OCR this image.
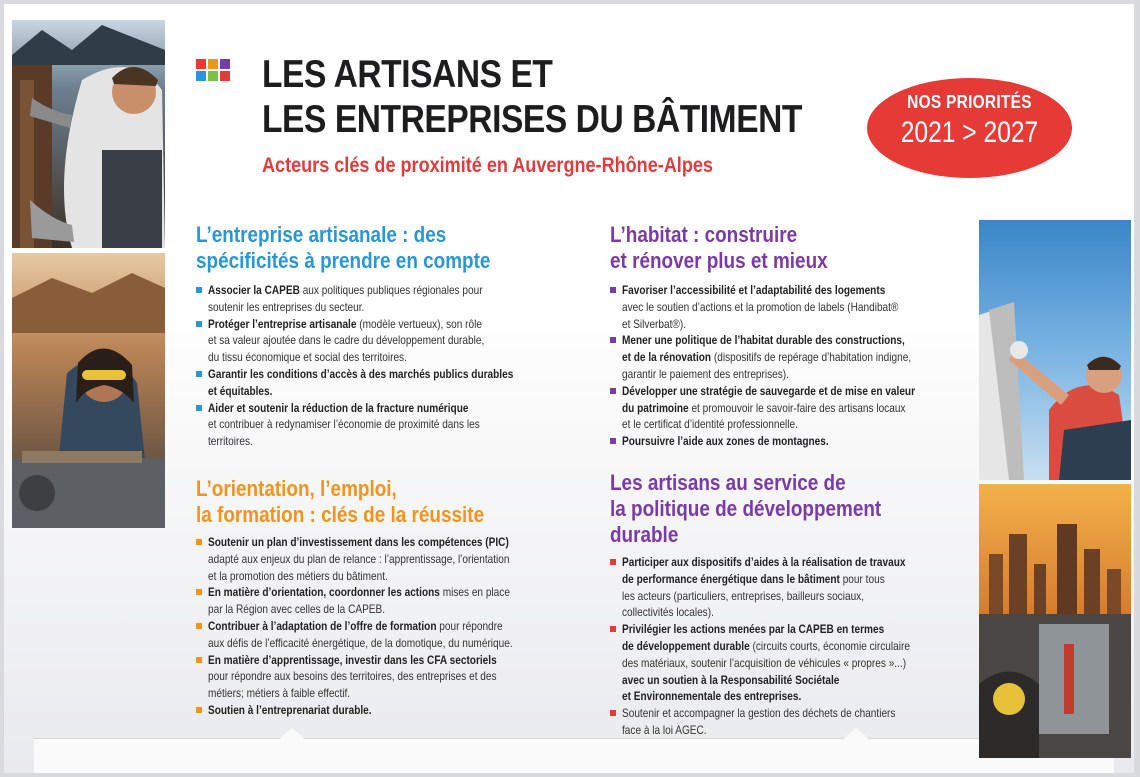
LES ARTISANS ET
LES ENTREPRISES DU BÂTIMENT
Acteurs clés de proximité en Auvergne-Rhône-Alpes
NOS PRIORITÉS
2021 > 2027
L’entreprise artisanale : des
spécificités à prendre en compte
Associer la CAPEB aux politiques publiques régionales pour
soutenir les entreprises du secteur.
Protéger l’entreprise artisanale (modèle vertueux), son rôle
et sa valeur ajoutée dans le cadre du développement durable,
du tissu économique et social des territoires.
Garantir les conditions d’accès à des marchés publics durables
et équitables.
Aider et soutenir la réduction de la fracture numérique
et contribuer à redynamiser l’économie de proximité dans les
territoires.
L’orientation, l’emploi,
la formation : clés de la réussite
Soutenir un plan d’investissement dans les compétences (PIC)
adapté aux enjeux du plan de relance : l’apprentissage, l’orientation
et la promotion des métiers du bâtiment.
En matière d’orientation, coordonner les actions mises en place
par la Région avec celles de la CAPEB.
Contribuer à l’adaptation de l’offre de formation pour répondre
aux défis de l’efficacité énergétique, de la domotique, du numérique.
En matière d’apprentissage, investir dans les CFA sectoriels
pour répondre aux besoins des territoires, des entreprises et des
métiers; métiers à faible effectif.
Soutien à l’entreprenariat durable.
L’habitat : construire
et rénover plus et mieux
Favoriser l’accessibilité et l’adaptabilité des logements
avec le soutien d’actions et la promotion de labels (Handibat®
et Silverbat®).
Mener une politique de l’habitat durable des constructions,
et de la rénovation (dispositifs de repérage d’habitation indigne,
garantir le paiement des entreprises).
Développer une stratégie de sauvegarde et de mise en valeur
du patrimoine et promouvoir le savoir-faire des artisans locaux
et le certificat d’identité professionnelle.
Poursuivre l’aide aux zones de montagnes.
Les artisans au service de
la politique de développement
durable
Participer aux dispositifs d’aides à la réalisation de travaux
de performance énergétique dans le bâtiment pour tous
les acteurs (particuliers, entreprises, bailleurs sociaux,
collectivités locales).
Privilégier les actions menées par la CAPEB en termes
de développement durable (circuits courts, économie circulaire
des matériaux, soutenir l’acquisition de véhicules « propres »...)
avec un soutien à la Responsabilité Sociétale
et Environnementale des entreprises.
Soutenir et accompagner la gestion des déchets de chantiers
face à la loi AGEC.
